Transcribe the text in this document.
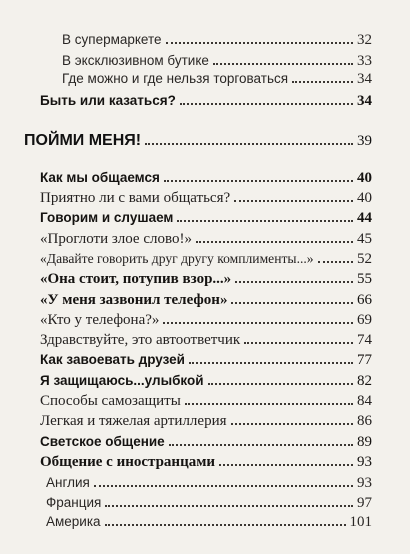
В супермаркете	32
В эксклюзивном бутике	33
Где можно и где нельзя торговаться	34
Быть или казаться?	34
ПОЙМИ МЕНЯ!	39
Как мы общаемся	40
Приятно ли с вами общаться?	40
Говорим и слушаем	44
«Проглоти злое слово!»	45
«Давайте говорить друг другу комплименты...»	52
«Она стоит, потупив взор...»	55
«У меня зазвонил телефон»	66
«Кто у телефона?»	69
Здравствуйте, это автоответчик	74
Как завоевать друзей	77
Я защищаюсь...улыбкой	82
Способы самозащиты	84
Легкая и тяжелая артиллерия	86
Светское общение	89
Общение с иностранцами	93
Англия	93
Франция	97
Америка	101
